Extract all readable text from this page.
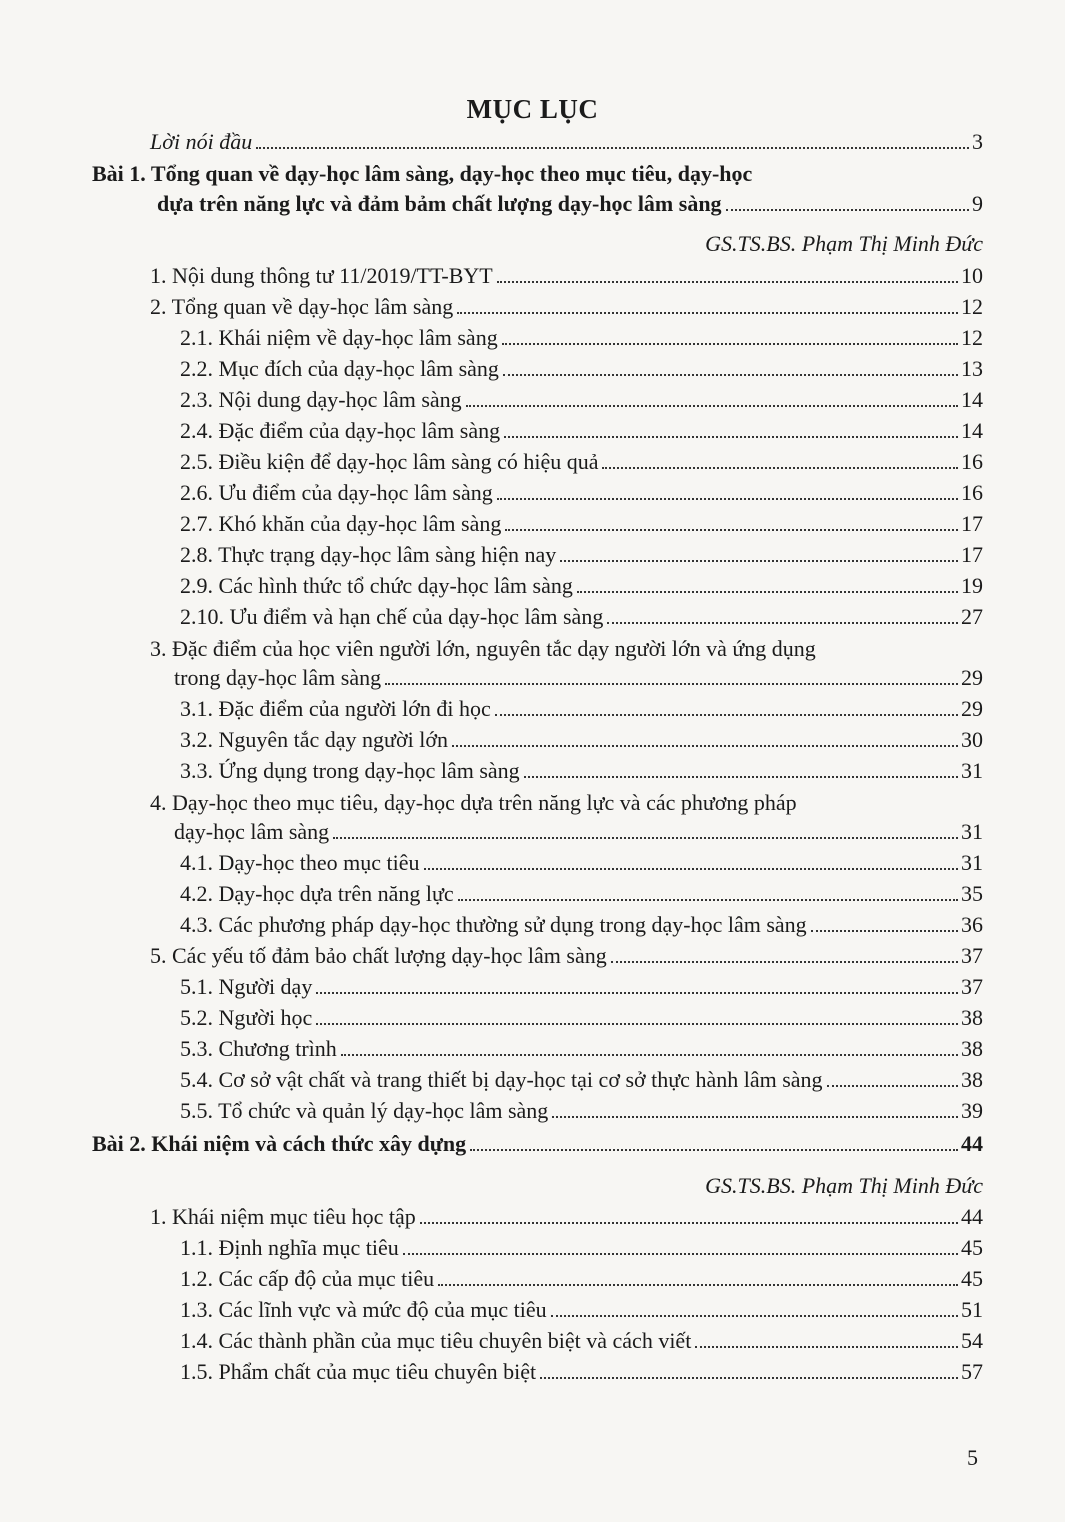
MỤC LỤC
Lời nói đầu	3
Bài 1. Tổng quan về dạy-học lâm sàng, dạy-học theo mục tiêu, dạy-học
dựa trên năng lực và đảm bảm chất lượng dạy-học lâm sàng	9
GS.TS.BS. Phạm Thị Minh Đức
1. Nội dung thông tư 11/2019/TT-BYT	10
2. Tổng quan về dạy-học lâm sàng	12
2.1. Khái niệm về dạy-học lâm sàng	12
2.2. Mục đích của dạy-học lâm sàng	13
2.3. Nội dung dạy-học lâm sàng	14
2.4. Đặc điểm của dạy-học lâm sàng	14
2.5. Điều kiện để dạy-học lâm sàng có hiệu quả	16
2.6. Ưu điểm của dạy-học lâm sàng	16
2.7. Khó khăn của dạy-học lâm sàng	17
2.8. Thực trạng dạy-học lâm sàng hiện nay	17
2.9. Các hình thức tổ chức dạy-học lâm sàng	19
2.10. Ưu điểm và hạn chế của dạy-học lâm sàng	27
3. Đặc điểm của học viên người lớn, nguyên tắc dạy người lớn và ứng dụng
trong dạy-học lâm sàng	29
3.1. Đặc điểm của người lớn đi học	29
3.2. Nguyên tắc dạy người lớn	30
3.3. Ứng dụng trong dạy-học lâm sàng	31
4. Dạy-học theo mục tiêu, dạy-học dựa trên năng lực và các phương pháp
dạy-học lâm sàng	31
4.1. Dạy-học theo mục tiêu	31
4.2. Dạy-học dựa trên năng lực	35
4.3. Các phương pháp dạy-học thường sử dụng trong dạy-học lâm sàng	36
5. Các yếu tố đảm bảo chất lượng dạy-học lâm sàng	37
5.1. Người dạy	37
5.2. Người học	38
5.3. Chương trình	38
5.4. Cơ sở vật chất và trang thiết bị dạy-học tại cơ sở thực hành lâm sàng	38
5.5. Tổ chức và quản lý dạy-học lâm sàng	39
Bài 2. Khái niệm và cách thức xây dựng	44
GS.TS.BS. Phạm Thị Minh Đức
1. Khái niệm mục tiêu học tập	44
1.1. Định nghĩa mục tiêu	45
1.2. Các cấp độ của mục tiêu	45
1.3. Các lĩnh vực và mức độ của mục tiêu	51
1.4. Các thành phần của mục tiêu chuyên biệt và cách viết	54
1.5. Phẩm chất của mục tiêu chuyên biệt	57
5
